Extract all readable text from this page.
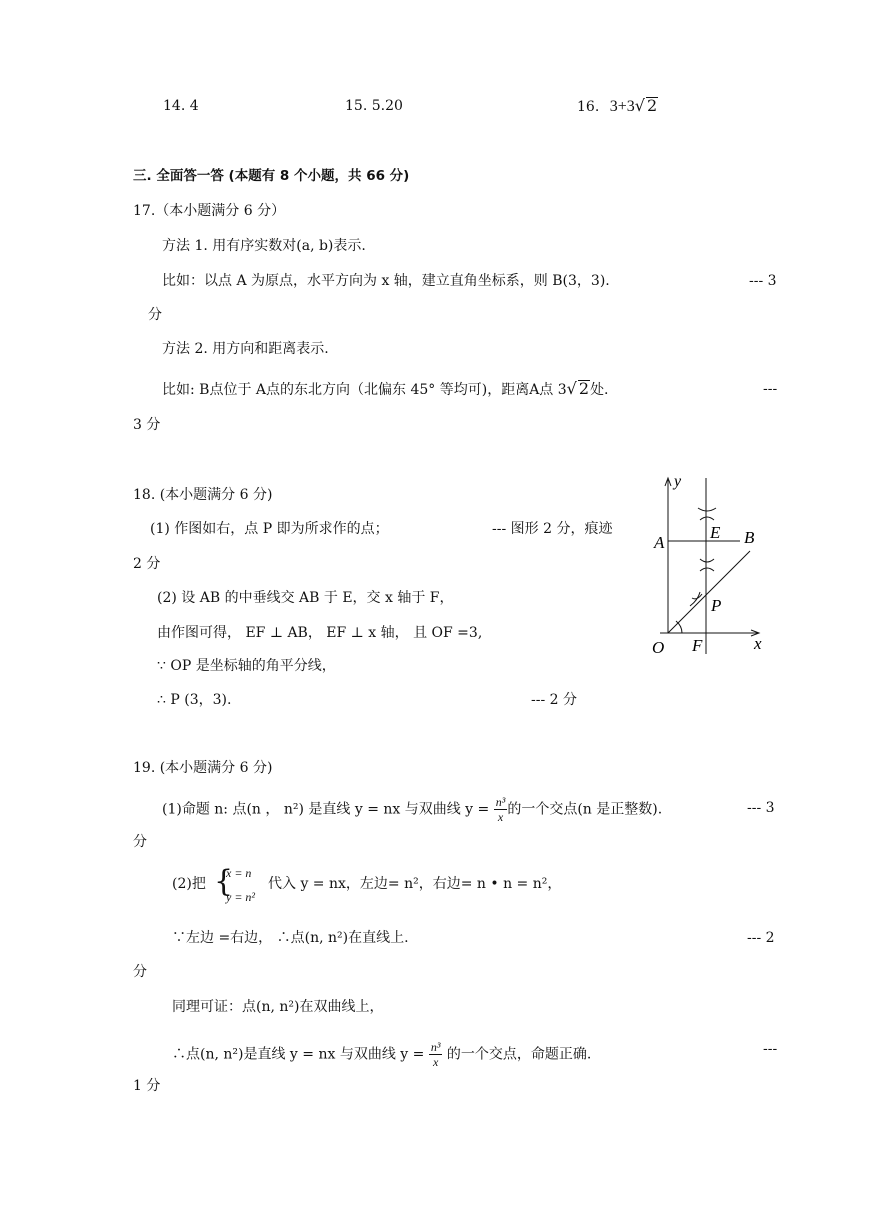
14. 4	15. 5.20	16. 3+3√ 2
三. 全面答一答 (本题有 8 个小题，共 66 分)
17.（本小题满分 6 分）
方法 1. 用有序实数对(a, b)表示.
比如：以点 A 为原点，水平方向为 x 轴，建立直角坐标系，则 B(3，3).	--- 3
分
方法 2. 用方向和距离表示.
比如: B点位于 A点的东北方向（北偏东 45° 等均可)，距离A点 3√ 2处.	---
3 分
18. (本小题满分 6 分)
(1) 作图如右，点 P 即为所求作的点；	--- 图形 2 分，痕迹
2 分
(2) 设 AB 的中垂线交 AB 于 E，交 x 轴于 F，
由作图可得， EF ⊥ AB， EF ⊥ x 轴， 且 OF =3,
∵ OP 是坐标轴的角平分线，
∴ P (3，3).	--- 2 分
y
x
O
A	B
E
F
P
19. (本小题满分 6 分)
(1)命题 n: 点(n ， n²) 是直线 y = nx 与双曲线 $y = \frac{\text{n³}}{x}$ 的一个交点(n 是正整数).	--- 3
分
(2)把 {
x = n
y = n²
代入 y = nx，左边= n²，右边= n • n = n²，
∵左边 =右边， ∴点(n, n²)在直线上.	--- 2
分
同理可证：点(n, n²)在双曲线上，
∴点(n, n²)是直线 y = nx 与双曲线 $y = \frac{\text{n³}}{x}$ 的一个交点，命题正确.	---
1 分
